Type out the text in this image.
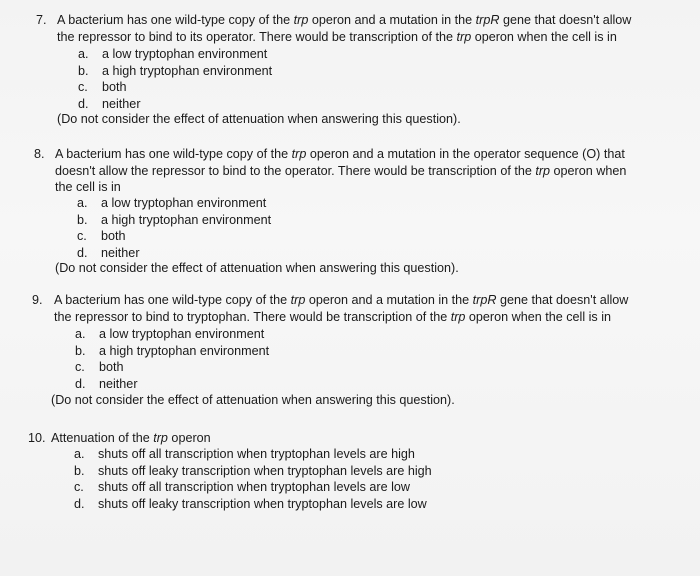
7. A bacterium has one wild-type copy of the trp operon and a mutation in the trpR gene that doesn't allow
the repressor to bind to its operator. There would be transcription of the trp operon when the cell is in
a.	a low tryptophan environment
b.	a high tryptophan environment
c.	both
d.	neither
(Do not consider the effect of attenuation when answering this question).
8. A bacterium has one wild-type copy of the trp operon and a mutation in the operator sequence (O) that
doesn't allow the repressor to bind to the operator. There would be transcription of the trp operon when
the cell is in
a.	a low tryptophan environment
b.	a high tryptophan environment
c.	both
d.	neither
(Do not consider the effect of attenuation when answering this question).
9. A bacterium has one wild-type copy of the trp operon and a mutation in the trpR gene that doesn't allow
the repressor to bind to tryptophan. There would be transcription of the trp operon when the cell is in
a.	a low tryptophan environment
b.	a high tryptophan environment
c.	both
d.	neither
(Do not consider the effect of attenuation when answering this question).
10. Attenuation of the trp operon
a.	shuts off all transcription when tryptophan levels are high
b.	shuts off leaky transcription when tryptophan levels are high
c.	shuts off all transcription when tryptophan levels are low
d.	shuts off leaky transcription when tryptophan levels are low
